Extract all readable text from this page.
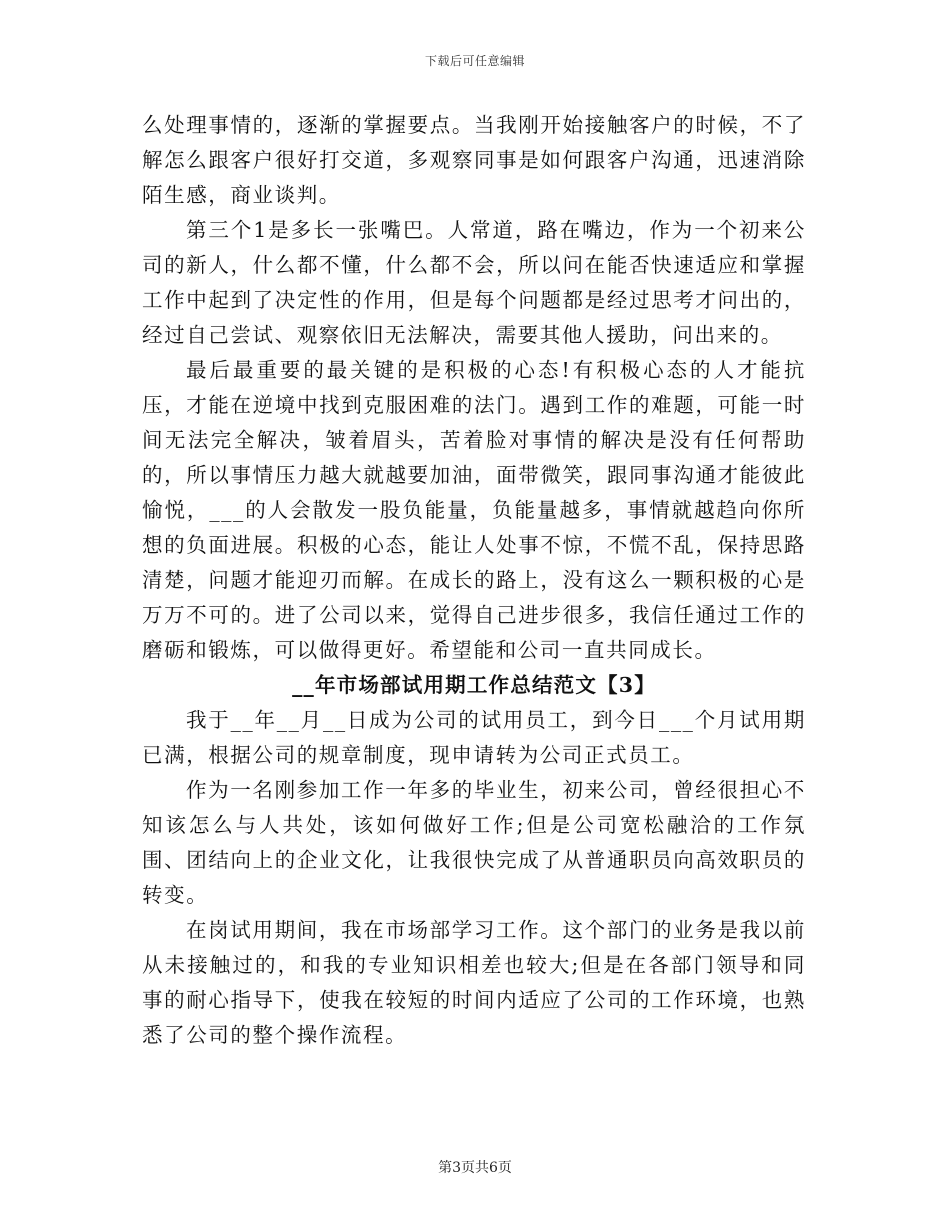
下载后可任意编辑

么处理事情的，逐渐的掌握要点。当我刚开始接触客户的时候，不了解怎么跟客户很好打交道，多观察同事是如何跟客户沟通，迅速消除陌生感，商业谈判。

第三个1是多长一张嘴巴。人常道，路在嘴边，作为一个初来公司的新人，什么都不懂，什么都不会，所以问在能否快速适应和掌握工作中起到了决定性的作用，但是每个问题都是经过思考才问出的，经过自己尝试、观察依旧无法解决，需要其他人援助，问出来的。

最后最重要的最关键的是积极的心态!有积极心态的人才能抗压，才能在逆境中找到克服困难的法门。遇到工作的难题，可能一时间无法完全解决，皱着眉头，苦着脸对事情的解决是没有任何帮助的，所以事情压力越大就越要加油，面带微笑，跟同事沟通才能彼此愉悦，___的人会散发一股负能量，负能量越多，事情就越趋向你所想的负面进展。积极的心态，能让人处事不惊，不慌不乱，保持思路清楚，问题才能迎刃而解。在成长的路上，没有这么一颗积极的心是万万不可的。进了公司以来，觉得自己进步很多，我信任通过工作的磨砺和锻炼，可以做得更好。希望能和公司一直共同成长。

__年市场部试用期工作总结范文【3】

我于__年__月__日成为公司的试用员工，到今日___个月试用期已满，根据公司的规章制度，现申请转为公司正式员工。

作为一名刚参加工作一年多的毕业生，初来公司，曾经很担心不知该怎么与人共处，该如何做好工作;但是公司宽松融洽的工作氛围、团结向上的企业文化，让我很快完成了从普通职员向高效职员的转变。

在岗试用期间，我在市场部学习工作。这个部门的业务是我以前从未接触过的，和我的专业知识相差也较大;但是在各部门领导和同事的耐心指导下，使我在较短的时间内适应了公司的工作环境，也熟悉了公司的整个操作流程。

第3页共6页
